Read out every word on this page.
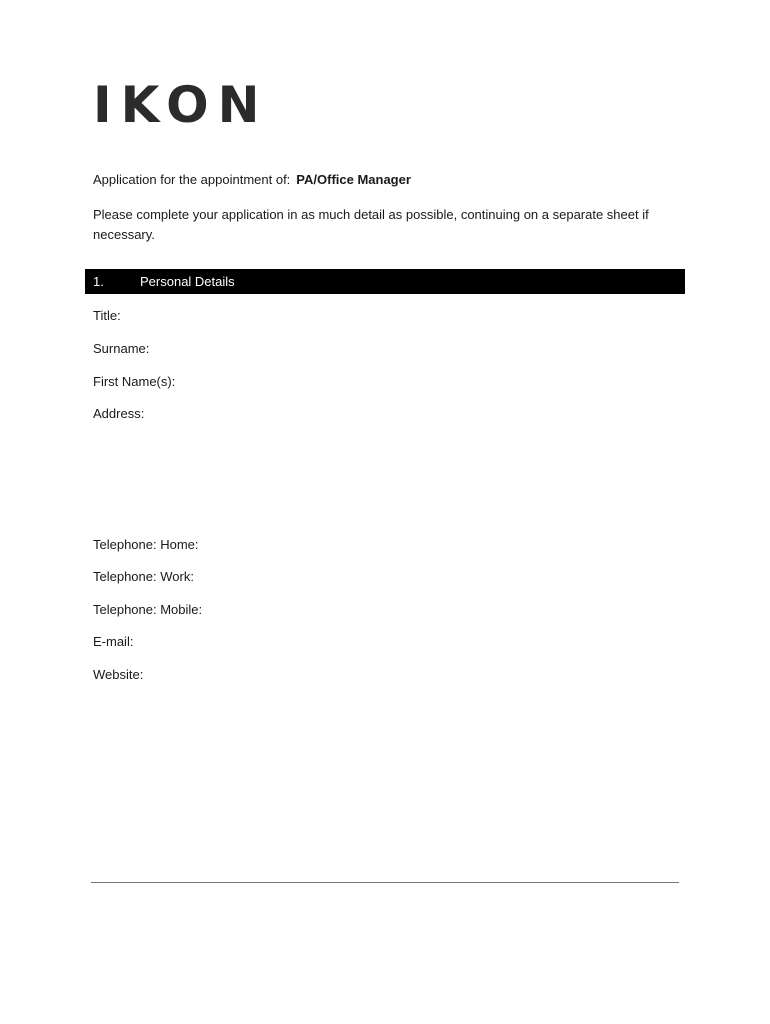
IKON
Application for the appointment of: PA/Office Manager
Please complete your application in as much detail as possible, continuing on a separate sheet if necessary.
1.	Personal Details
Title:
Surname:
First Name(s):
Address:
Telephone: Home:
Telephone: Work:
Telephone: Mobile:
E-mail:
Website:
